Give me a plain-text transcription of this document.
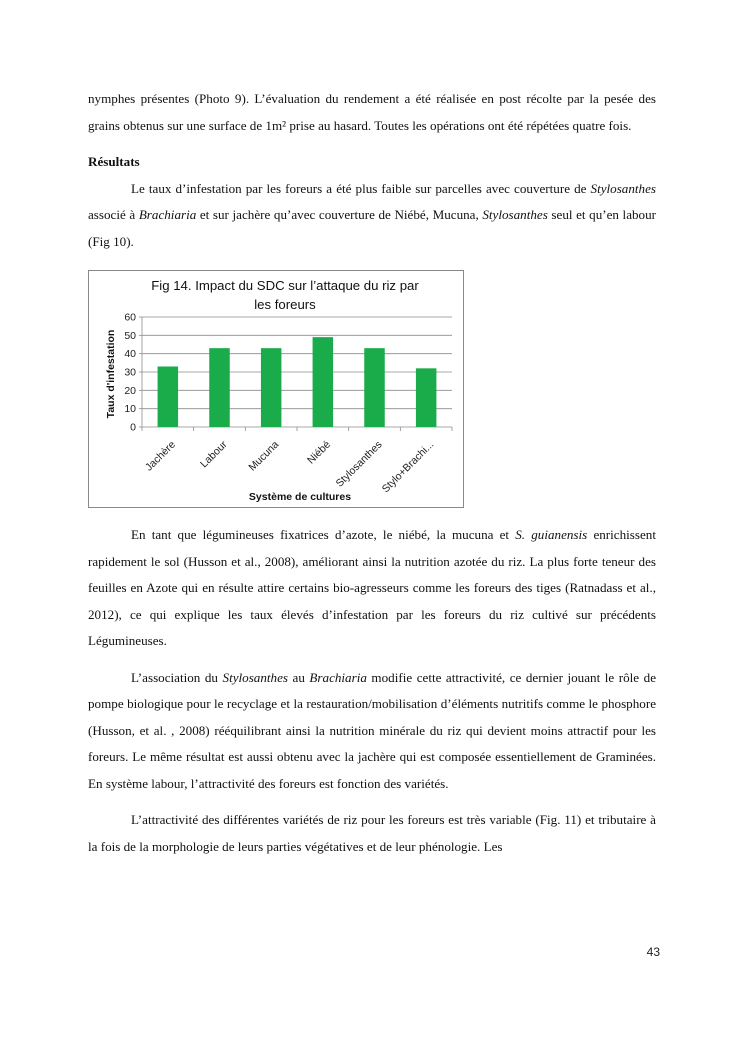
nymphes présentes (Photo 9). L’évaluation du rendement a été réalisée en post récolte par la pesée des grains obtenus sur une surface de 1m² prise au hasard. Toutes les opérations ont été répétées quatre fois.

Résultats

Le taux d’infestation par les foreurs a été plus faible sur parcelles avec couverture de Stylosanthes associé à Brachiaria et sur jachère qu’avec couverture de Niébé, Mucuna, Stylosanthes seul et qu’en labour (Fig 10).

Fig 14. Impact du SDC sur l’attaque du riz par
les foreurs
0
10
20
30
40
50
60
Jachère Labour Mucuna Niébé Stylosanthes
Stylo+Brachi...
Taux d'infestation
Système de cultures

En tant que légumineuses fixatrices d’azote, le niébé, la mucuna et S. guianensis enrichissent rapidement le sol (Husson et al., 2008), améliorant ainsi la nutrition azotée du riz. La plus forte teneur des feuilles en Azote qui en résulte attire certains bio-agresseurs comme les foreurs des tiges (Ratnadass et al., 2012), ce qui explique les taux élevés d’infestation par les foreurs du riz cultivé sur précédents Légumineuses.

L’association du Stylosanthes au Brachiaria modifie cette attractivité, ce dernier jouant le rôle de pompe biologique pour le recyclage et la restauration/mobilisation d’éléments nutritifs comme le phosphore (Husson, et al. , 2008) rééquilibrant ainsi la nutrition minérale du riz qui devient moins attractif pour les foreurs. Le même résultat est aussi obtenu avec la jachère qui est composée essentiellement de Graminées. En système labour, l’attractivité des foreurs est fonction des variétés.

L’attractivité des différentes variétés de riz pour les foreurs est très variable (Fig. 11) et tributaire à la fois de la morphologie de leurs parties végétatives et de leur phénologie. Les

43
